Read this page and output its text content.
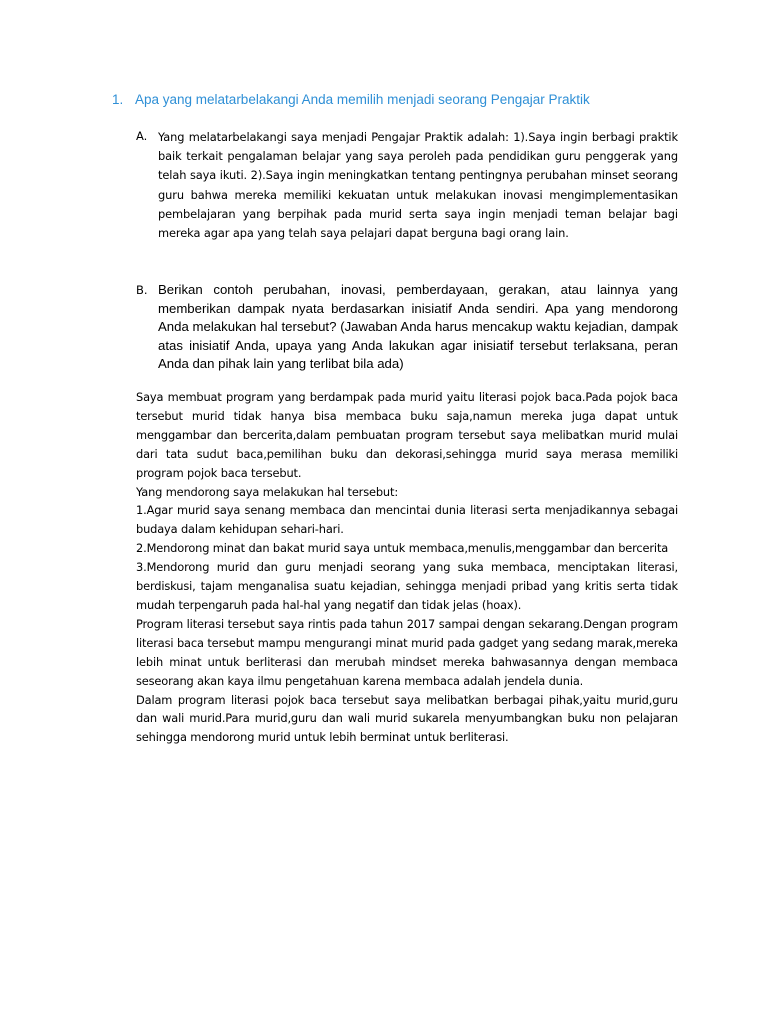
1. Apa yang melatarbelakangi Anda memilih menjadi seorang Pengajar Praktik
A. Yang melatarbelakangi saya menjadi Pengajar Praktik adalah: 1).Saya ingin berbagi praktik baik terkait pengalaman belajar yang saya peroleh pada pendidikan guru penggerak yang telah saya ikuti. 2).Saya ingin meningkatkan tentang pentingnya perubahan minset seorang guru bahwa mereka memiliki kekuatan untuk melakukan inovasi mengimplementasikan pembelajaran yang berpihak pada murid serta saya ingin menjadi teman belajar bagi mereka agar apa yang telah saya pelajari dapat berguna bagi orang lain.
B. Berikan contoh perubahan, inovasi, pemberdayaan, gerakan, atau lainnya yang memberikan dampak nyata berdasarkan inisiatif Anda sendiri. Apa yang mendorong Anda melakukan hal tersebut? (Jawaban Anda harus mencakup waktu kejadian, dampak atas inisiatif Anda, upaya yang Anda lakukan agar inisiatif tersebut terlaksana, peran Anda dan pihak lain yang terlibat bila ada)

Saya membuat program yang berdampak pada murid yaitu literasi pojok baca.Pada pojok baca tersebut murid tidak hanya bisa membaca buku saja,namun mereka juga dapat untuk menggambar dan bercerita,dalam pembuatan program tersebut saya melibatkan murid mulai dari tata sudut baca,pemilihan buku dan dekorasi,sehingga murid saya merasa memiliki program pojok baca tersebut.

Yang mendorong saya melakukan hal tersebut:

1.Agar murid saya senang membaca dan mencintai dunia literasi serta menjadikannya sebagai budaya dalam kehidupan sehari-hari.

2.Mendorong minat dan bakat murid saya untuk membaca,menulis,menggambar dan bercerita

3.Mendorong murid dan guru menjadi seorang yang suka membaca, menciptakan literasi, berdiskusi, tajam menganalisa suatu kejadian, sehingga menjadi pribad yang kritis serta tidak mudah terpengaruh pada hal-hal yang negatif dan tidak jelas (hoax).

Program literasi tersebut saya rintis pada tahun 2017 sampai dengan sekarang.Dengan program literasi baca tersebut mampu mengurangi minat murid pada gadget yang sedang marak,mereka lebih minat untuk berliterasi dan merubah mindset mereka bahwasannya dengan membaca seseorang akan kaya ilmu pengetahuan karena membaca adalah jendela dunia.

Dalam program literasi pojok baca tersebut saya melibatkan berbagai pihak,yaitu murid,guru dan wali murid.Para murid,guru dan wali murid sukarela menyumbangkan buku non pelajaran sehingga mendorong murid untuk lebih berminat untuk berliterasi.
